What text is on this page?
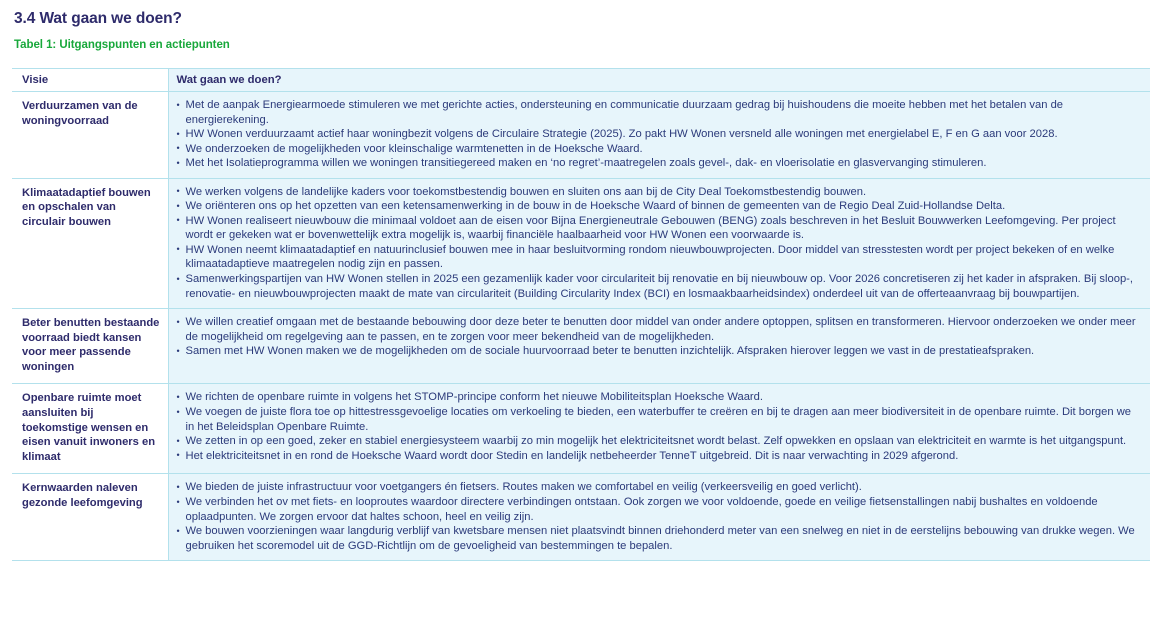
3.4 Wat gaan we doen?
Tabel 1: Uitgangspunten en actiepunten
Visie	Wat gaan we doen?
Verduurzamen van de woningvoorraad	
• Met de aanpak Energiearmoede stimuleren we met gerichte acties, ondersteuning en communicatie duurzaam gedrag bij huishoudens die moeite hebben met het betalen van de energierekening.
• HW Wonen verduurzaamt actief haar woningbezit volgens de Circulaire Strategie (2025). Zo pakt HW Wonen versneld alle woningen met energielabel E, F en G aan voor 2028.
• We onderzoeken de mogelijkheden voor kleinschalige warmtenetten in de Hoeksche Waard.
• Met het Isolatieprogramma willen we woningen transitiegereed maken en ‘no regret’-maatregelen zoals gevel-, dak- en vloerisolatie en glasvervanging stimuleren.

Klimaatadaptief bouwen en opschalen van circulair bouwen	
• We werken volgens de landelijke kaders voor toekomstbestendig bouwen en sluiten ons aan bij de City Deal Toekomstbestendig bouwen.
• We oriënteren ons op het opzetten van een ketensamenwerking in de bouw in de Hoeksche Waard of binnen de gemeenten van de Regio Deal Zuid-Hollandse Delta.
• HW Wonen realiseert nieuwbouw die minimaal voldoet aan de eisen voor Bijna Energieneutrale Gebouwen (BENG) zoals beschreven in het Besluit Bouwwerken Leefomgeving. Per project wordt er gekeken wat er bovenwettelijk extra mogelijk is, waarbij financiële haalbaarheid voor HW Wonen een voorwaarde is.
• HW Wonen neemt klimaatadaptief en natuurinclusief bouwen mee in haar besluitvorming rondom nieuwbouwprojecten. Door middel van stresstesten wordt per project bekeken of en welke klimaatadaptieve maatregelen nodig zijn en passen.
• Samenwerkingspartijen van HW Wonen stellen in 2025 een gezamenlijk kader voor circulariteit bij renovatie en bij nieuwbouw op. Voor 2026 concretiseren zij het kader in afspraken. Bij sloop-, renovatie- en nieuwbouwprojecten maakt de mate van circulariteit (Building Circularity Index (BCI) en losmaakbaarheidsindex) onderdeel uit van de offerteaanvraag bij bouwpartijen.

Beter benutten bestaande voorraad biedt kansen voor meer passende woningen	
• We willen creatief omgaan met de bestaande bebouwing door deze beter te benutten door middel van onder andere optoppen, splitsen en transformeren. Hiervoor onderzoeken we onder meer de mogelijkheid om regelgeving aan te passen, en te zorgen voor meer bekendheid van de mogelijkheden.
• Samen met HW Wonen maken we de mogelijkheden om de sociale huurvoorraad beter te benutten inzichtelijk. Afspraken hierover leggen we vast in de prestatieafspraken.

Openbare ruimte moet aansluiten bij toekomstige wensen en eisen vanuit inwoners en klimaat	
• We richten de openbare ruimte in volgens het STOMP-principe conform het nieuwe Mobiliteitsplan Hoeksche Waard.
• We voegen de juiste flora toe op hittestressgevoelige locaties om verkoeling te bieden, een waterbuffer te creëren en bij te dragen aan meer biodiversiteit in de openbare ruimte. Dit borgen we in het Beleidsplan Openbare Ruimte.
• We zetten in op een goed, zeker en stabiel energiesysteem waarbij zo min mogelijk het elektriciteitsnet wordt belast. Zelf opwekken en opslaan van elektriciteit en warmte is het uitgangspunt.
• Het elektriciteitsnet in en rond de Hoeksche Waard wordt door Stedin en landelijk netbeheerder TenneT uitgebreid. Dit is naar verwachting in 2029 afgerond.

Kernwaarden naleven gezonde leefomgeving	
• We bieden de juiste infrastructuur voor voetgangers én fietsers. Routes maken we comfortabel en veilig (verkeersveilig en goed verlicht).
• We verbinden het ov met fiets- en looproutes waardoor directere verbindingen ontstaan. Ook zorgen we voor voldoende, goede en veilige fietsenstallingen nabij bushaltes en voldoende oplaadpunten. We zorgen ervoor dat haltes schoon, heel en veilig zijn.
• We bouwen voorzieningen waar langdurig verblijf van kwetsbare mensen niet plaatsvindt binnen driehonderd meter van een snelweg en niet in de eerstelijns bebouwing van drukke wegen. We gebruiken het scoremodel uit de GGD-Richtlijn om de gevoeligheid van bestemmingen te bepalen.
